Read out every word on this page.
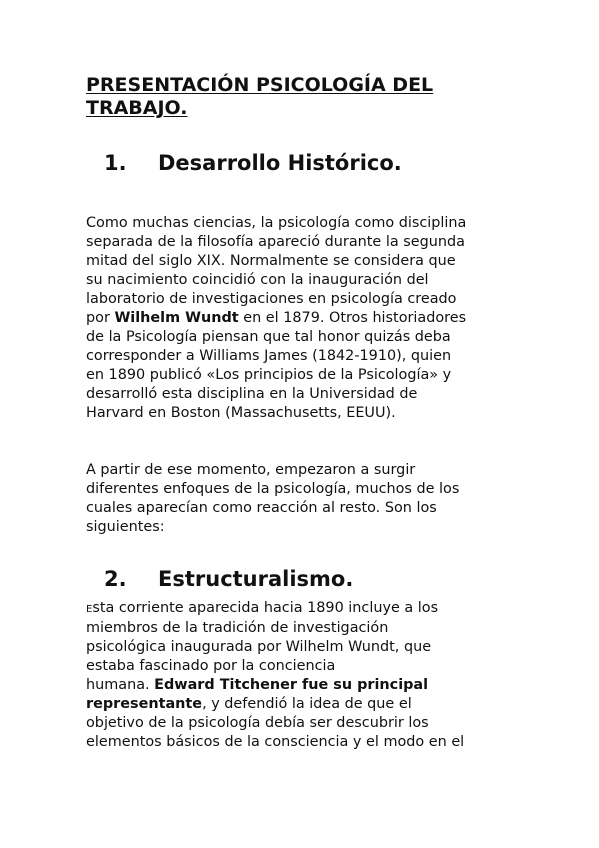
PRESENTACIÓN PSICOLOGÍA DEL TRABAJO.
1. Desarrollo Histórico.
Como muchas ciencias, la psicología como disciplina
separada de la filosofía apareció durante la segunda
mitad del siglo XIX. Normalmente se considera que
su nacimiento coincidió con la inauguración del
laboratorio de investigaciones en psicología creado
por Wilhelm Wundt en el 1879. Otros historiadores
de la Psicología piensan que tal honor quizás deba
corresponder a Williams James (1842-1910), quien
en 1890 publicó «Los principios de la Psicología» y
desarrolló esta disciplina en la Universidad de
Harvard en Boston (Massachusetts, EEUU).
A partir de ese momento, empezaron a surgir
diferentes enfoques de la psicología, muchos de los
cuales aparecían como reacción al resto. Son los
siguientes:
2. Estructuralismo.
Esta corriente aparecida hacia 1890 incluye a los
miembros de la tradición de investigación
psicológica inaugurada por Wilhelm Wundt, que
estaba fascinado por la conciencia
humana. Edward Titchener fue su principal
representante, y defendió la idea de que el
objetivo de la psicología debía ser descubrir los
elementos básicos de la consciencia y el modo en el
